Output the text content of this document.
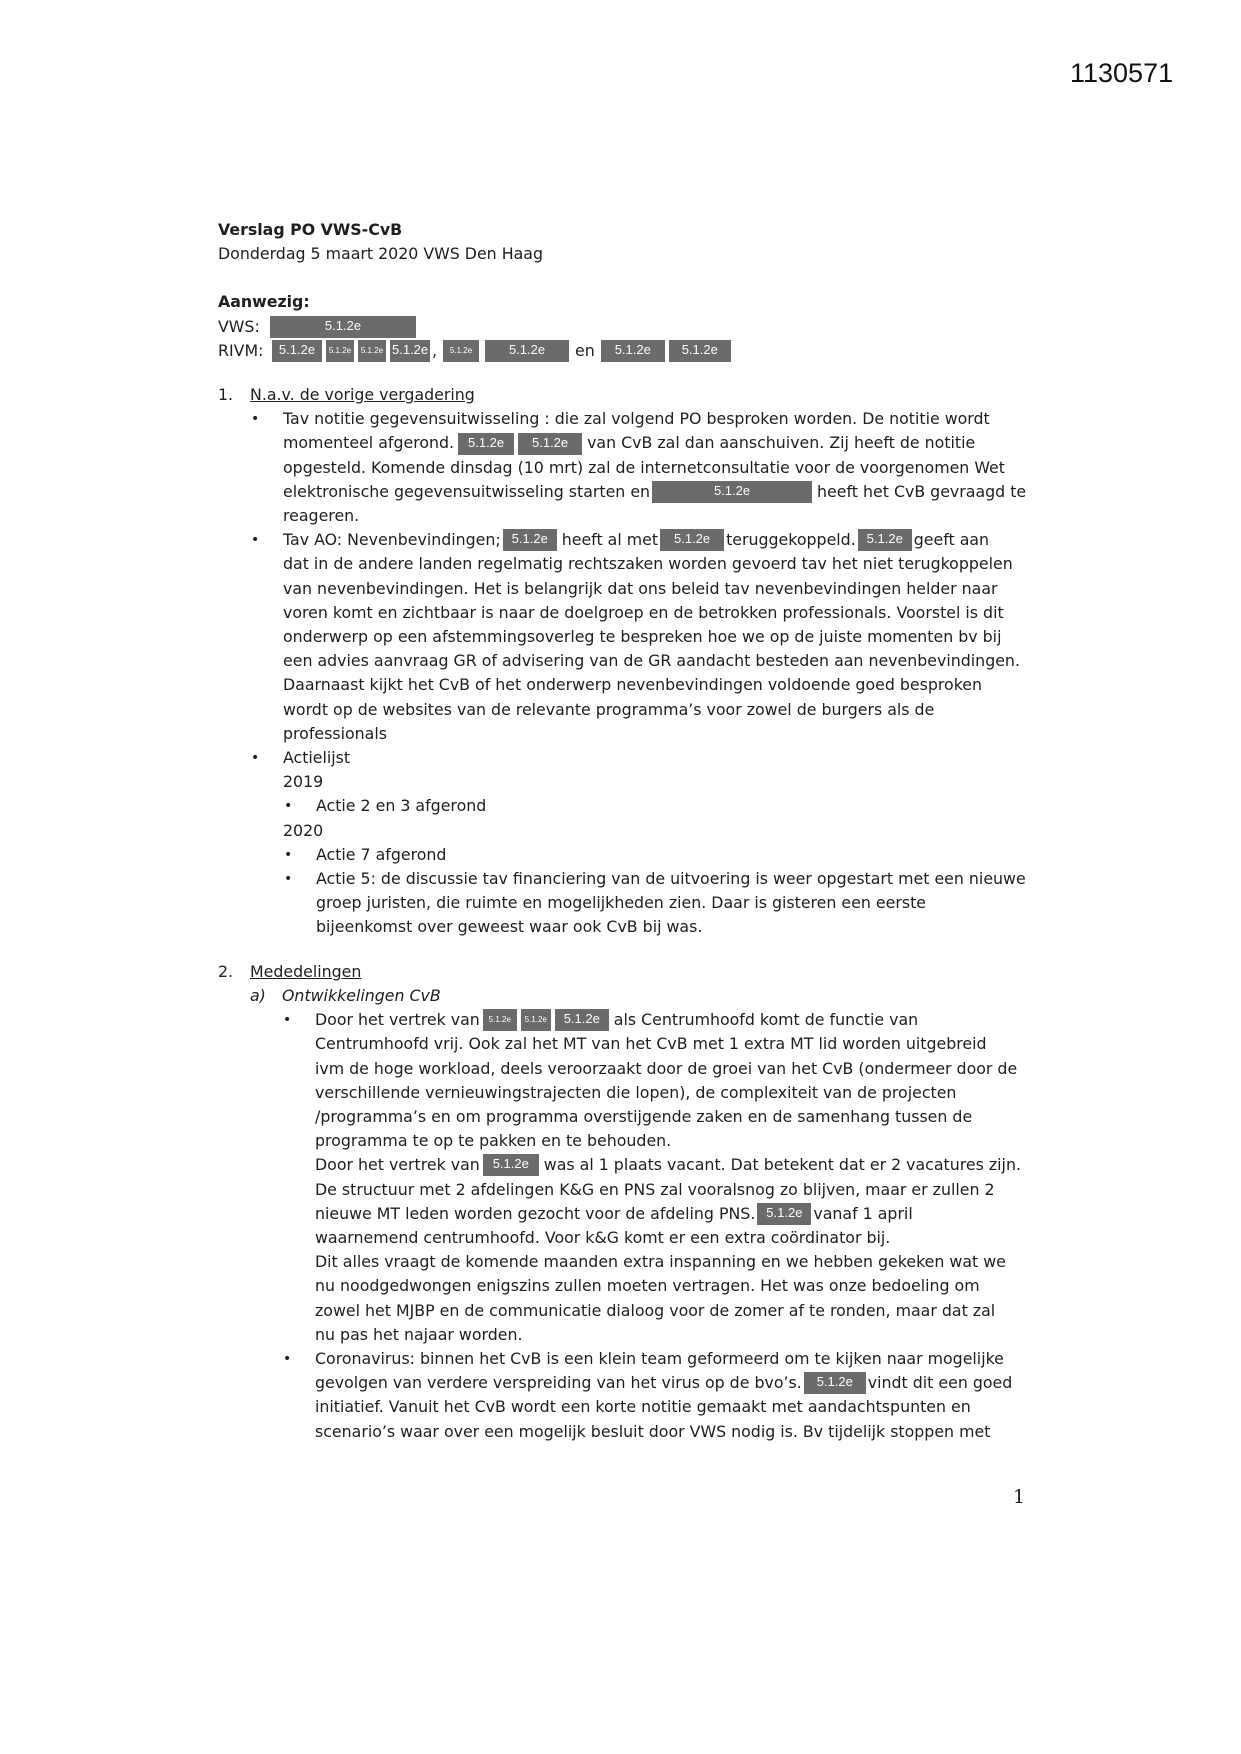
1130571

Verslag PO VWS-CvB

Donderdag 5 maart 2020 VWS Den Haag

Aanwezig:

VWS:	5.1.2e
RIVM:	5.1.2e	5.1.2e	5.1.2e 5.1.2e ,	5.1.2e	5.1.2e	en	5.1.2e	5.1.2e
1.	N.a.v. de vorige vergadering
•	Tav notitie gegevensuitwisseling : die zal volgend PO besproken worden. De notitie wordt
momenteel afgerond.	5.1.2e	5.1.2e	van CvB zal dan aanschuiven. Zij heeft de notitie
opgesteld. Komende dinsdag (10 mrt) zal de internetconsultatie voor de voorgenomen Wet
elektronische gegevensuitwisseling starten en	5.1.2e	heeft het CvB gevraagd te
reageren.
•	Tav AO: Nevenbevindingen; 5.1.2e heeft al met	5.1.2e	teruggekoppeld. 5.1.2e geeft aan
dat in de andere landen regelmatig rechtszaken worden gevoerd tav het niet terugkoppelen
van nevenbevindingen. Het is belangrijk dat ons beleid tav nevenbevindingen helder naar
voren komt en zichtbaar is naar de doelgroep en de betrokken professionals. Voorstel is dit
onderwerp op een afstemmingsoverleg te bespreken hoe we op de juiste momenten bv bij
een advies aanvraag GR of advisering van de GR aandacht besteden aan nevenbevindingen.
Daarnaast kijkt het CvB of het onderwerp nevenbevindingen voldoende goed besproken
wordt op de websites van de relevante programma’s voor zowel de burgers als de
professionals
•	Actielijst
2019
•	Actie 2 en 3 afgerond
2020
•	Actie 7 afgerond
•	Actie 5: de discussie tav financiering van de uitvoering is weer opgestart met een nieuwe
groep juristen, die ruimte en mogelijkheden zien. Daar is gisteren een eerste
bijeenkomst over geweest waar ook CvB bij was.
2.	Mededelingen
a)	Ontwikkelingen CvB
•	Door het vertrek van	5.1.2e	5.1.2e	5.1.2e als Centrumhoofd komt de functie van
Centrumhoofd vrij. Ook zal het MT van het CvB met 1 extra MT lid worden uitgebreid
ivm de hoge workload, deels veroorzaakt door de groei van het CvB (ondermeer door de
verschillende vernieuwingstrajecten die lopen), de complexiteit van de projecten
/programma’s en om programma overstijgende zaken en de samenhang tussen de
programma te op te pakken en te behouden.
Door het vertrek van 5.1.2e was al 1 plaats vacant. Dat betekent dat er 2 vacatures zijn.
De structuur met 2 afdelingen K&G en PNS zal vooralsnog zo blijven, maar er zullen 2
nieuwe MT leden worden gezocht voor de afdeling PNS. 5.1.2e vanaf 1 april
waarnemend centrumhoofd. Voor k&G komt er een extra coördinator bij.
Dit alles vraagt de komende maanden extra inspanning en we hebben gekeken wat we
nu noodgedwongen enigszins zullen moeten vertragen. Het was onze bedoeling om
zowel het MJBP en de communicatie dialoog voor de zomer af te ronden, maar dat zal
nu pas het najaar worden.
•	Coronavirus: binnen het CvB is een klein team geformeerd om te kijken naar mogelijke
gevolgen van verdere verspreiding van het virus op de bvo’s.	5.1.2e vindt dit een goed
initiatief. Vanuit het CvB wordt een korte notitie gemaakt met aandachtspunten en
scenario’s waar over een mogelijk besluit door VWS nodig is. Bv tijdelijk stoppen met
1
